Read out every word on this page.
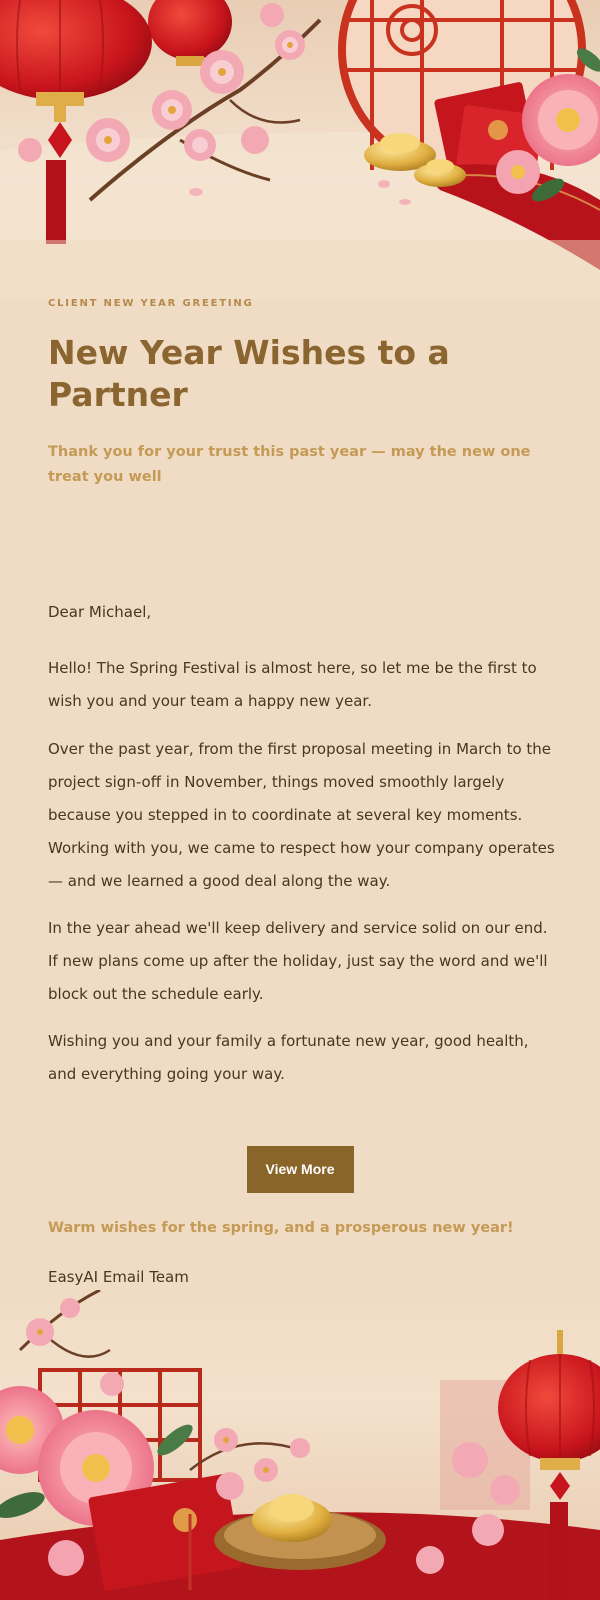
CLIENT NEW YEAR GREETING
New Year Wishes to a Partner
Thank you for your trust this past year — may the new one treat you well

Dear Michael,

Hello! The Spring Festival is almost here, so let me be the first to wish you and your team a happy new year.

Over the past year, from the first proposal meeting in March to the project sign-off in November, things moved smoothly largely because you stepped in to coordinate at several key moments. Working with you, we came to respect how your company operates — and we learned a good deal along the way.

In the year ahead we'll keep delivery and service solid on our end. If new plans come up after the holiday, just say the word and we'll block out the schedule early.

Wishing you and your family a fortunate new year, good health, and everything going your way.

View More
Warm wishes for the spring, and a prosperous new year!
EasyAI Email Team
